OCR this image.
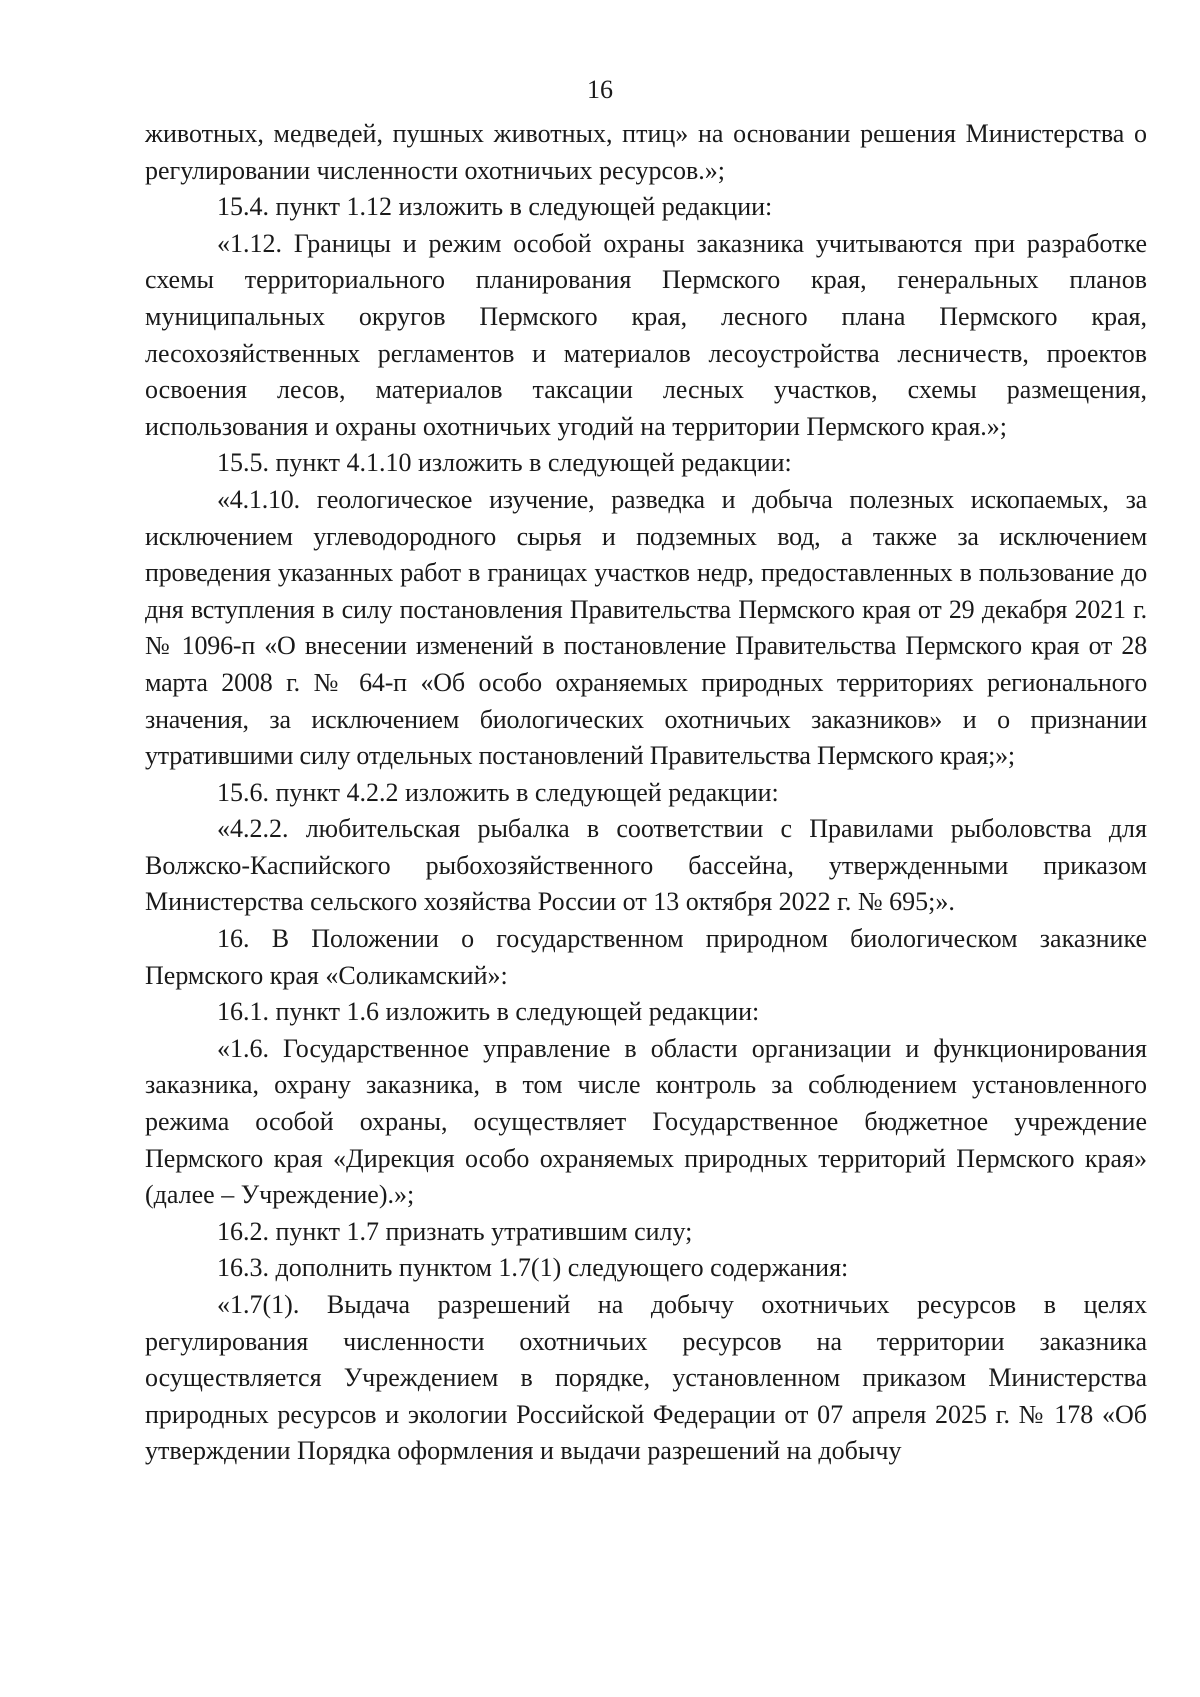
16

животных, медведей, пушных животных, птиц» на основании решения Министерства о регулировании численности охотничьих ресурсов.»;

15.4. пункт 1.12 изложить в следующей редакции:

«1.12. Границы и режим особой охраны заказника учитываются при разработке схемы территориального планирования Пермского края, генеральных планов муниципальных округов Пермского края, лесного плана Пермского края, лесохозяйственных регламентов и материалов лесоустройства лесничеств, проектов освоения лесов, материалов таксации лесных участков, схемы размещения, использования и охраны охотничьих угодий на территории Пермского края.»;

15.5. пункт 4.1.10 изложить в следующей редакции:

«4.1.10. геологическое изучение, разведка и добыча полезных ископаемых, за исключением углеводородного сырья и подземных вод, а также за исключением проведения указанных работ в границах участков недр, предоставленных в пользование до дня вступления в силу постановления Правительства Пермского края от 29 декабря 2021 г. № 1096-п «О внесении изменений в постановление Правительства Пермского края от 28 марта 2008 г. № 64-п «Об особо охраняемых природных территориях регионального значения, за исключением биологических охотничьих заказников» и о признании утратившими силу отдельных постановлений Правительства Пермского края;»;

15.6. пункт 4.2.2 изложить в следующей редакции:

«4.2.2. любительская рыбалка в соответствии с Правилами рыболовства для Волжско-Каспийского рыбохозяйственного бассейна, утвержденными приказом Министерства сельского хозяйства России от 13 октября 2022 г. № 695;».

16. В Положении о государственном природном биологическом заказнике Пермского края «Соликамский»:

16.1. пункт 1.6 изложить в следующей редакции:

«1.6. Государственное управление в области организации и функционирования заказника, охрану заказника, в том числе контроль за соблюдением установленного режима особой охраны, осуществляет Государственное бюджетное учреждение Пермского края «Дирекция особо охраняемых природных территорий Пермского края» (далее – Учреждение).»;

16.2. пункт 1.7 признать утратившим силу;

16.3. дополнить пунктом 1.7(1) следующего содержания:

«1.7(1). Выдача разрешений на добычу охотничьих ресурсов в целях регулирования численности охотничьих ресурсов на территории заказника осуществляется Учреждением в порядке, установленном приказом Министерства природных ресурсов и экологии Российской Федерации от 07 апреля 2025 г. № 178 «Об утверждении Порядка оформления и выдачи разрешений на добычу
